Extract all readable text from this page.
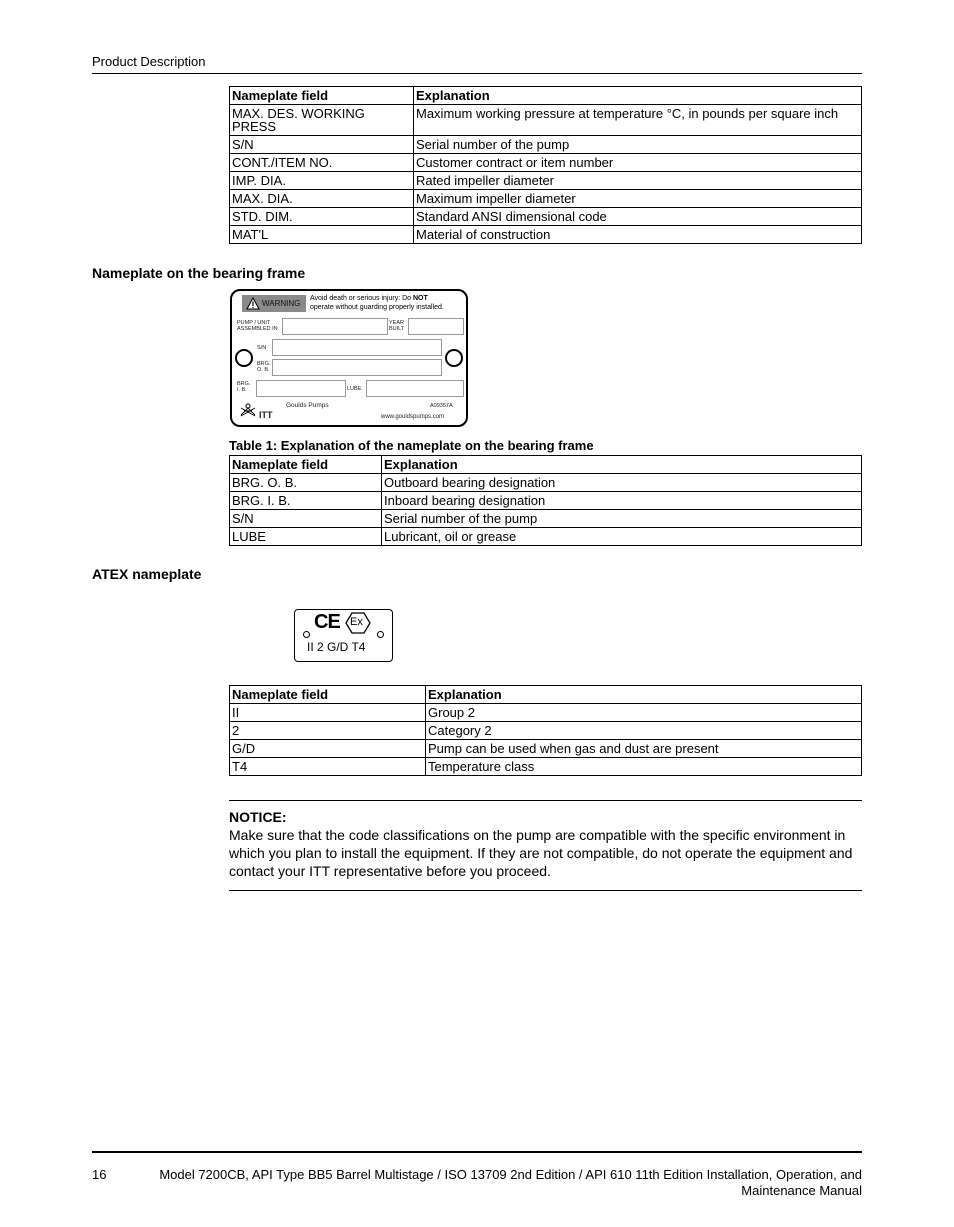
Product Description
Nameplate field	Explanation
MAX. DES. WORKING PRESS	Maximum working pressure at temperature °C, in pounds per square inch
S/N	Serial number of the pump
CONT./ITEM NO.	Customer contract or item number
IMP. DIA.	Rated impeller diameter
MAX. DIA.	Maximum impeller diameter
STD. DIM.	Standard ANSI dimensional code
MAT'L	Material of construction
Nameplate on the bearing frame
WARNING
Avoid death or serious injury: Do NOT
operate without guarding properly installed.
PUMP / UNIT
ASSEMBLED IN
YEAR
BUILT
S/N
BRG.
O. B.
BRG.
I. B.	LUBE
Goulds Pumps	A09357A
ITT	www.gouldspumps.com
Table 1: Explanation of the nameplate on the bearing frame
Nameplate field	Explanation
BRG. O. B.	Outboard bearing designation
BRG. I. B.	Inboard bearing designation
S/N	Serial number of the pump
LUBE	Lubricant, oil or grease
ATEX nameplate
CE Ex
II 2 G/D T4
Nameplate field	Explanation
II	Group 2
2	Category 2
G/D	Pump can be used when gas and dust are present
T4	Temperature class
NOTICE:
Make sure that the code classifications on the pump are compatible with the specific environment in which you plan to install the equipment. If they are not compatible, do not operate the equipment and contact your ITT representative before you proceed.
16	Model 7200CB, API Type BB5 Barrel Multistage / ISO 13709 2nd Edition / API 610 11th Edition Installation, Operation, and Maintenance Manual
